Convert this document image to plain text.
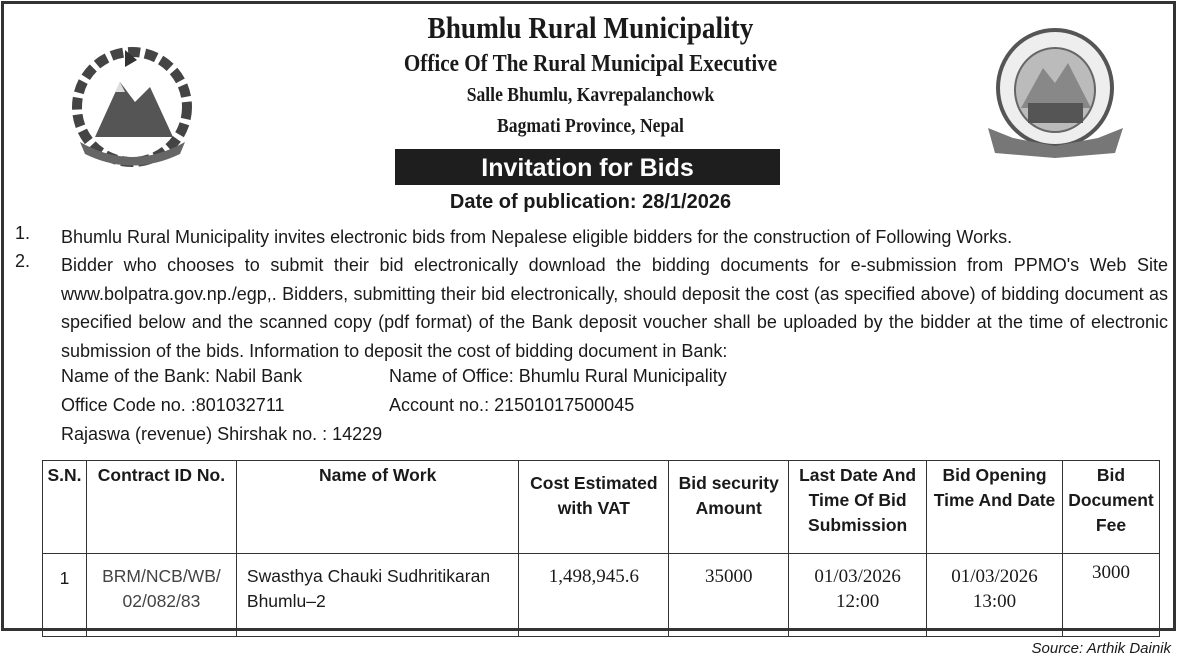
Bhumlu Rural Municipality
Office Of The Rural Municipal Executive
Salle Bhumlu, Kavrepalanchowk
Bagmati Province, Nepal
Invitation for Bids
Date of publication: 28/1/2026
1. Bhumlu Rural Municipality invites electronic bids from Nepalese eligible bidders for the construction of Following Works.
2. Bidder who chooses to submit their bid electronically download the bidding documents for e-submission from PPMO's Web Site www.bolpatra.gov.np./egp,. Bidders, submitting their bid electronically, should deposit the cost (as specified above) of bidding document as specified below and the scanned copy (pdf format) of the Bank deposit voucher shall be uploaded by the bidder at the time of electronic submission of the bids. Information to deposit the cost of bidding document in Bank:
Name of the Bank: Nabil Bank	Name of Office: Bhumlu Rural Municipality
Office Code no. :801032711	Account no.: 21501017500045
Rajaswa (revenue) Shirshak no. : 14229
S.N.	Contract ID No.	Name of Work	Cost Estimated with VAT	Bid security Amount	Last Date And Time Of Bid Submission	Bid Opening Time And Date	Bid Document Fee
1	BRM/NCB/WB/ 02/082/83	Swasthya Chauki Sudhritikaran Bhumlu–2	1,498,945.6	35000	01/03/2026 12:00	01/03/2026 13:00	3000
Source: Arthik Dainik
